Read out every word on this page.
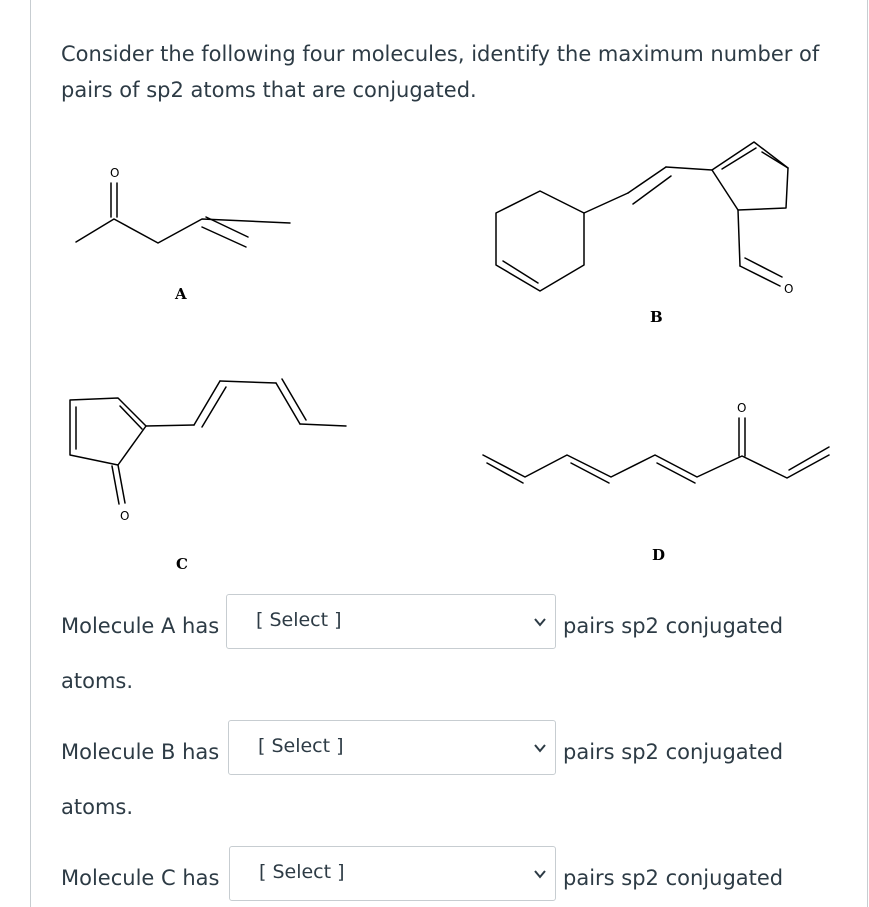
Consider the following four molecules, identify the maximum number of pairs of sp2 atoms that are conjugated.
O
A	O
B
O
C
O
D
Molecule A has [ Select ]	pairs sp2 conjugated
atoms.
Molecule B has [ Select ]	pairs sp2 conjugated
atoms.
Molecule C has [ Select ]	pairs sp2 conjugated
